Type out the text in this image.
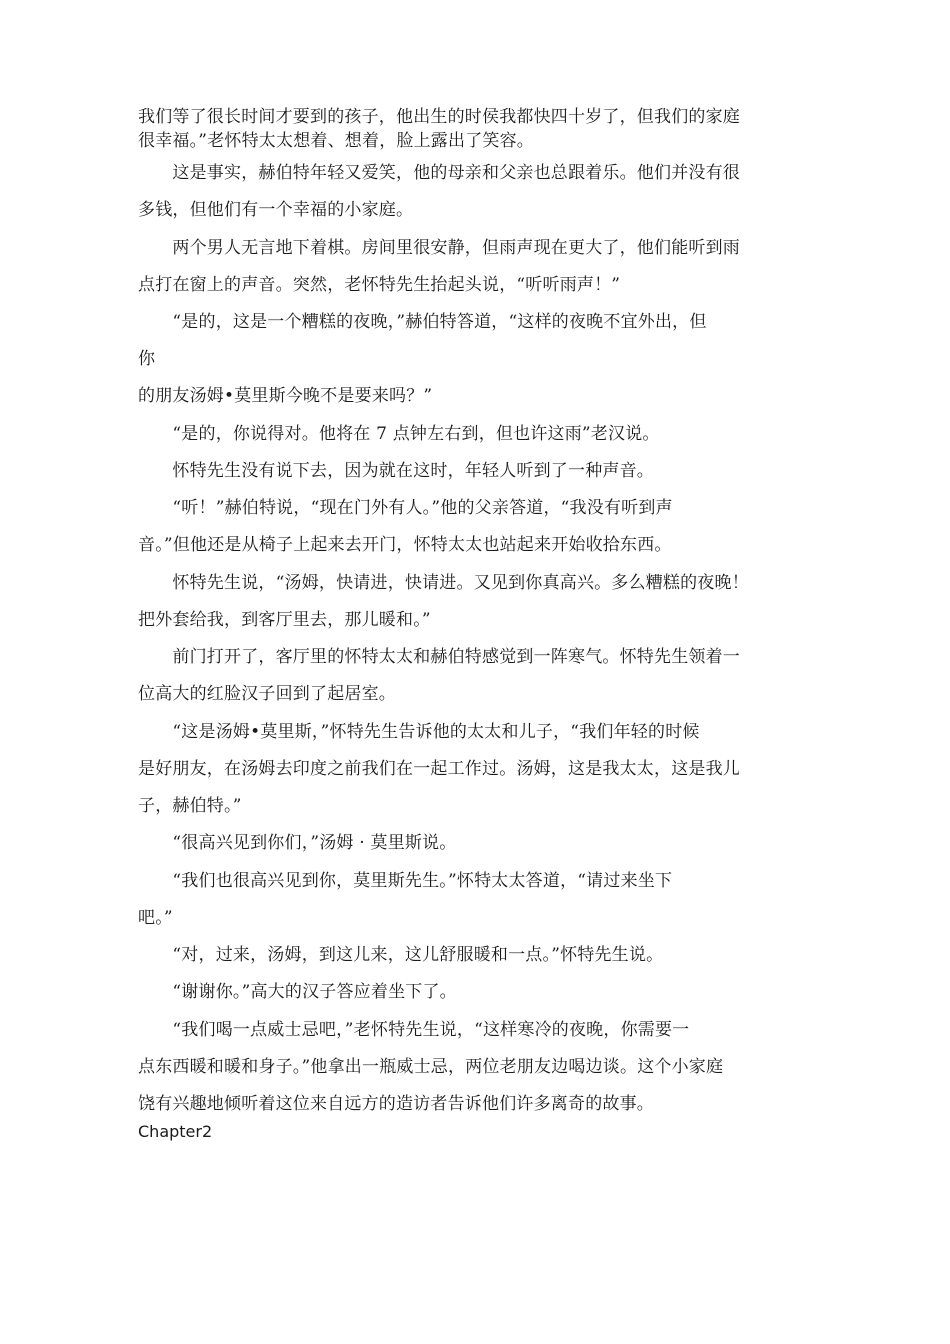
我们等了很长时间才要到的孩子，他出生的时侯我都快四十岁了，但我们的家庭
很幸福。”老怀特太太想着、想着，脸上露出了笑容。
　　这是事实，赫伯特年轻又爱笑，他的母亲和父亲也总跟着乐。他们并没有很
多钱，但他们有一个幸福的小家庭。
　　两个男人无言地下着棋。房间里很安静，但雨声现在更大了，他们能听到雨
点打在窗上的声音。突然，老怀特先生抬起头说，“听听雨声！”
　　“是的，这是一个糟糕的夜晚，”赫伯特答道，“这样的夜晚不宜外出，但
你
的朋友汤姆•莫里斯今晚不是要来吗？”
　　“是的，你说得对。他将在 7 点钟左右到，但也许这雨”老汉说。
　　怀特先生没有说下去，因为就在这时，年轻人听到了一种声音。
　　“听！”赫伯特说，“现在门外有人。”他的父亲答道，“我没有听到声
音。”但他还是从椅子上起来去开门，怀特太太也站起来开始收拾东西。
　　怀特先生说，“汤姆，快请进，快请进。又见到你真高兴。多么糟糕的夜晚！
把外套给我，到客厅里去，那儿暖和。”
　　前门打开了，客厅里的怀特太太和赫伯特感觉到一阵寒气。怀特先生领着一
位高大的红脸汉子回到了起居室。
　　“这是汤姆•莫里斯，”怀特先生告诉他的太太和儿子，“我们年轻的时候
是好朋友，在汤姆去印度之前我们在一起工作过。汤姆，这是我太太，这是我儿
子，赫伯特。”
　　“很高兴见到你们，”汤姆 · 莫里斯说。
　　“我们也很高兴见到你，莫里斯先生。”怀特太太答道，“请过来坐下
吧。”
　　“对，过来，汤姆，到这儿来，这儿舒服暖和一点。”怀特先生说。
　　“谢谢你。”高大的汉子答应着坐下了。
　　“我们喝一点威士忌吧，”老怀特先生说，“这样寒冷的夜晚，你需要一
点东西暖和暖和身子。”他拿出一瓶威士忌，两位老朋友边喝边谈。这个小家庭
饶有兴趣地倾听着这位来自远方的造访者告诉他们许多离奇的故事。
Chapter2
